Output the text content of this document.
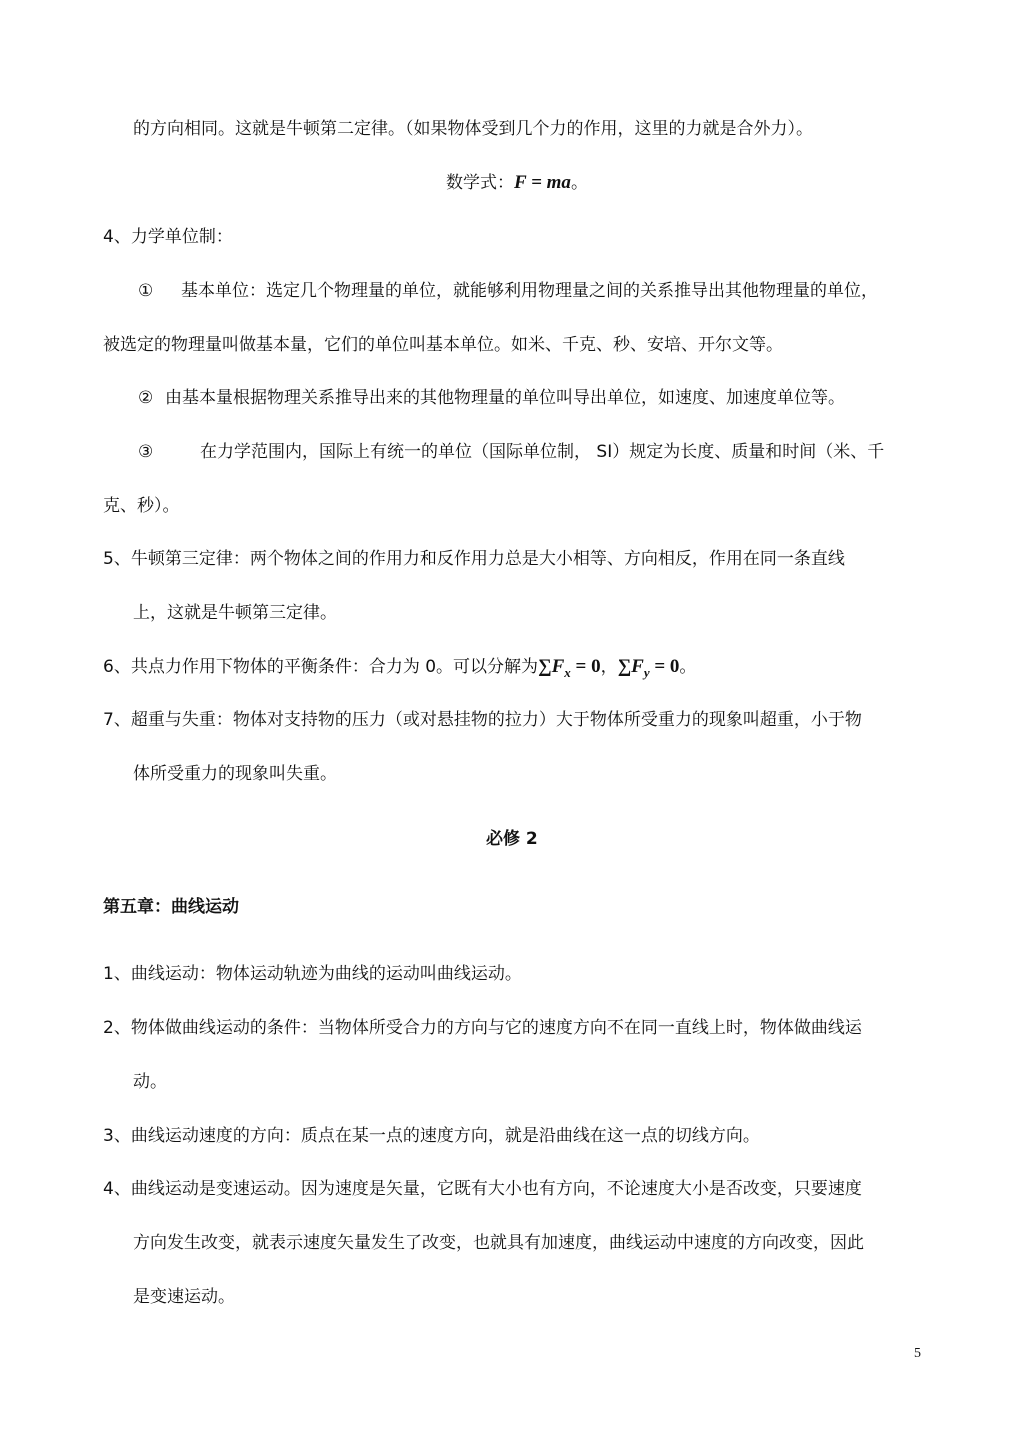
的方向相同。这就是牛顿第二定律。（如果物体受到几个力的作用，这里的力就是合外力）。
数学式：F = ma。
4、力学单位制：
① 基本单位：选定几个物理量的单位，就能够利用物理量之间的关系推导出其他物理量的单位，
被选定的物理量叫做基本量，它们的单位叫基本单位。如米、千克、秒、安培、开尔文等。
② 由基本量根据物理关系推导出来的其他物理量的单位叫导出单位，如速度、加速度单位等。
③	在力学范围内，国际上有统一的单位（国际单位制， SI）规定为长度、质量和时间（米、千
克、秒）。
5、牛顿第三定律：两个物体之间的作用力和反作用力总是大小相等、方向相反，作用在同一条直线
上，这就是牛顿第三定律。
6、共点力作用下物体的平衡条件：合力为 0。可以分解为$\sum F_x = 0$，$\sum F_y = 0$。
7、超重与失重：物体对支持物的压力（或对悬挂物的拉力）大于物体所受重力的现象叫超重，小于物
体所受重力的现象叫失重。
必修 2
第五章：曲线运动
1、曲线运动：物体运动轨迹为曲线的运动叫曲线运动。
2、物体做曲线运动的条件：当物体所受合力的方向与它的速度方向不在同一直线上时，物体做曲线运
动。
3、曲线运动速度的方向：质点在某一点的速度方向，就是沿曲线在这一点的切线方向。
4、曲线运动是变速运动。因为速度是矢量，它既有大小也有方向，不论速度大小是否改变，只要速度
方向发生改变，就表示速度矢量发生了改变，也就具有加速度，曲线运动中速度的方向改变，因此
是变速运动。
5
